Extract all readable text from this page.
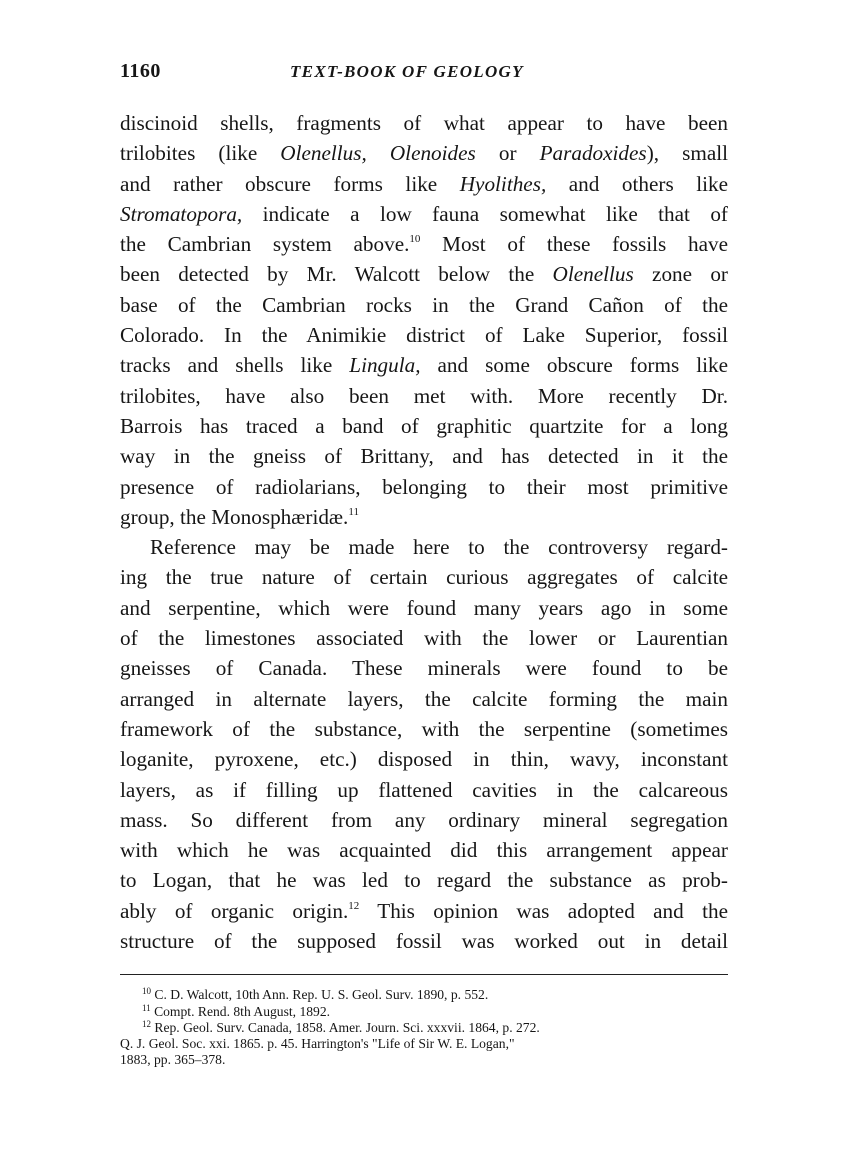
1160	TEXT-BOOK OF GEOLOGY
discinoid shells, fragments of what appear to have been
trilobites (like Olenellus, Olenoides or Paradoxides), small
and rather obscure forms like Hyolithes, and others like
Stromatopora, indicate a low fauna somewhat like that of
the Cambrian system above.$^{10}$ Most of these fossils have
been detected by Mr. Walcott below the Olenellus zone or
base of the Cambrian rocks in the Grand Cañon of the
Colorado. In the Animikie district of Lake Superior, fossil
tracks and shells like Lingula, and some obscure forms like
trilobites, have also been met with. More recently Dr.
Barrois has traced a band of graphitic quartzite for a long
way in the gneiss of Brittany, and has detected in it the
presence of radiolarians, belonging to their most primitive
group, the Monosphæridæ.$^{11}$
Reference may be made here to the controversy regard-
ing the true nature of certain curious aggregates of calcite
and serpentine, which were found many years ago in some
of the limestones associated with the lower or Laurentian
gneisses of Canada. These minerals were found to be
arranged in alternate layers, the calcite forming the main
framework of the substance, with the serpentine (sometimes
loganite, pyroxene, etc.) disposed in thin, wavy, inconstant
layers, as if filling up flattened cavities in the calcareous
mass. So different from any ordinary mineral segregation
with which he was acquainted did this arrangement appear
to Logan, that he was led to regard the substance as prob-
ably of organic origin.$^{12}$ This opinion was adopted and the
structure of the supposed fossil was worked out in detail
$^{10}$ C. D. Walcott, 10th Ann. Rep. U. S. Geol. Surv. 1890, p. 552.
$^{11}$ Compt. Rend. 8th August, 1892.
$^{12}$ Rep. Geol. Surv. Canada, 1858. Amer. Journ. Sci. xxxvii. 1864, p. 272.
Q. J. Geol. Soc. xxi. 1865. p. 45. Harrington's "Life of Sir W. E. Logan,"
1883, pp. 365–378.
